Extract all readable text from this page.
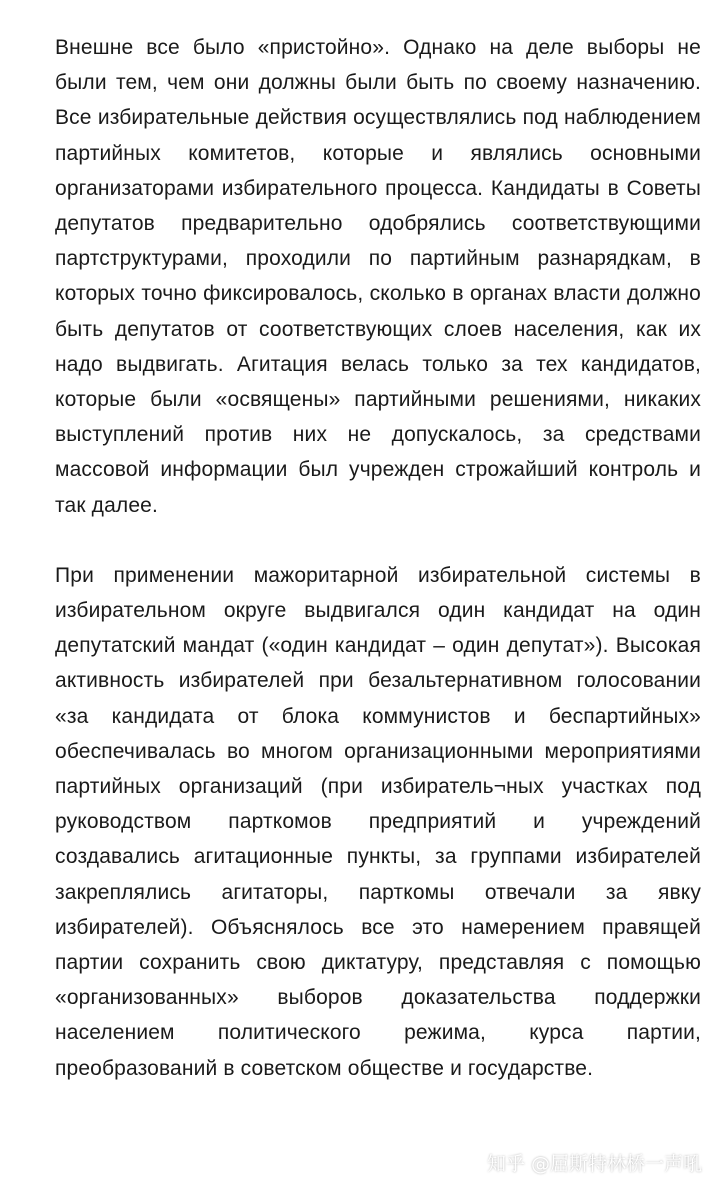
Внешне все было «пристойно». Однако на деле выборы не были тем, чем они должны были быть по своему назначению. Все избирательные действия осуществлялись под наблюдением партийных комитетов, которые и являлись основными организаторами избирательного процесса. Кандидаты в Советы депутатов предварительно одобрялись соответствующими партструктурами, проходили по партийным разнарядкам, в которых точно фиксировалось, сколько в органах власти должно быть депутатов от соответствующих слоев населения, как их надо выдвигать. Агитация велась только за тех кандидатов, которые были «освящены» партийными решениями, никаких выступлений против них не допускалось, за средствами массовой информации был учрежден строжайший контроль и так далее.

При применении мажоритарной избирательной системы в избирательном округе выдвигался один кандидат на один депутатский мандат («один кандидат – один депутат»). Высокая активность избирателей при безальтернативном голосовании «за кандидата от блока коммунистов и беспартийных» обеспечивалась во многом организационными мероприятиями партийных организаций (при избиратель¬ных участках под руководством парткомов предприятий и учреждений создавались агитационные пункты, за группами избирателей закреплялись агитаторы, парткомы отвечали за явку избирателей). Объяснялось все это намерением правящей партии сохранить свою диктатуру, представляя с помощью «организованных» выборов доказательства поддержки населением политического режима, курса партии, преобразований в советском обществе и государстве.

知乎 @屈斯特林桥一声吼
